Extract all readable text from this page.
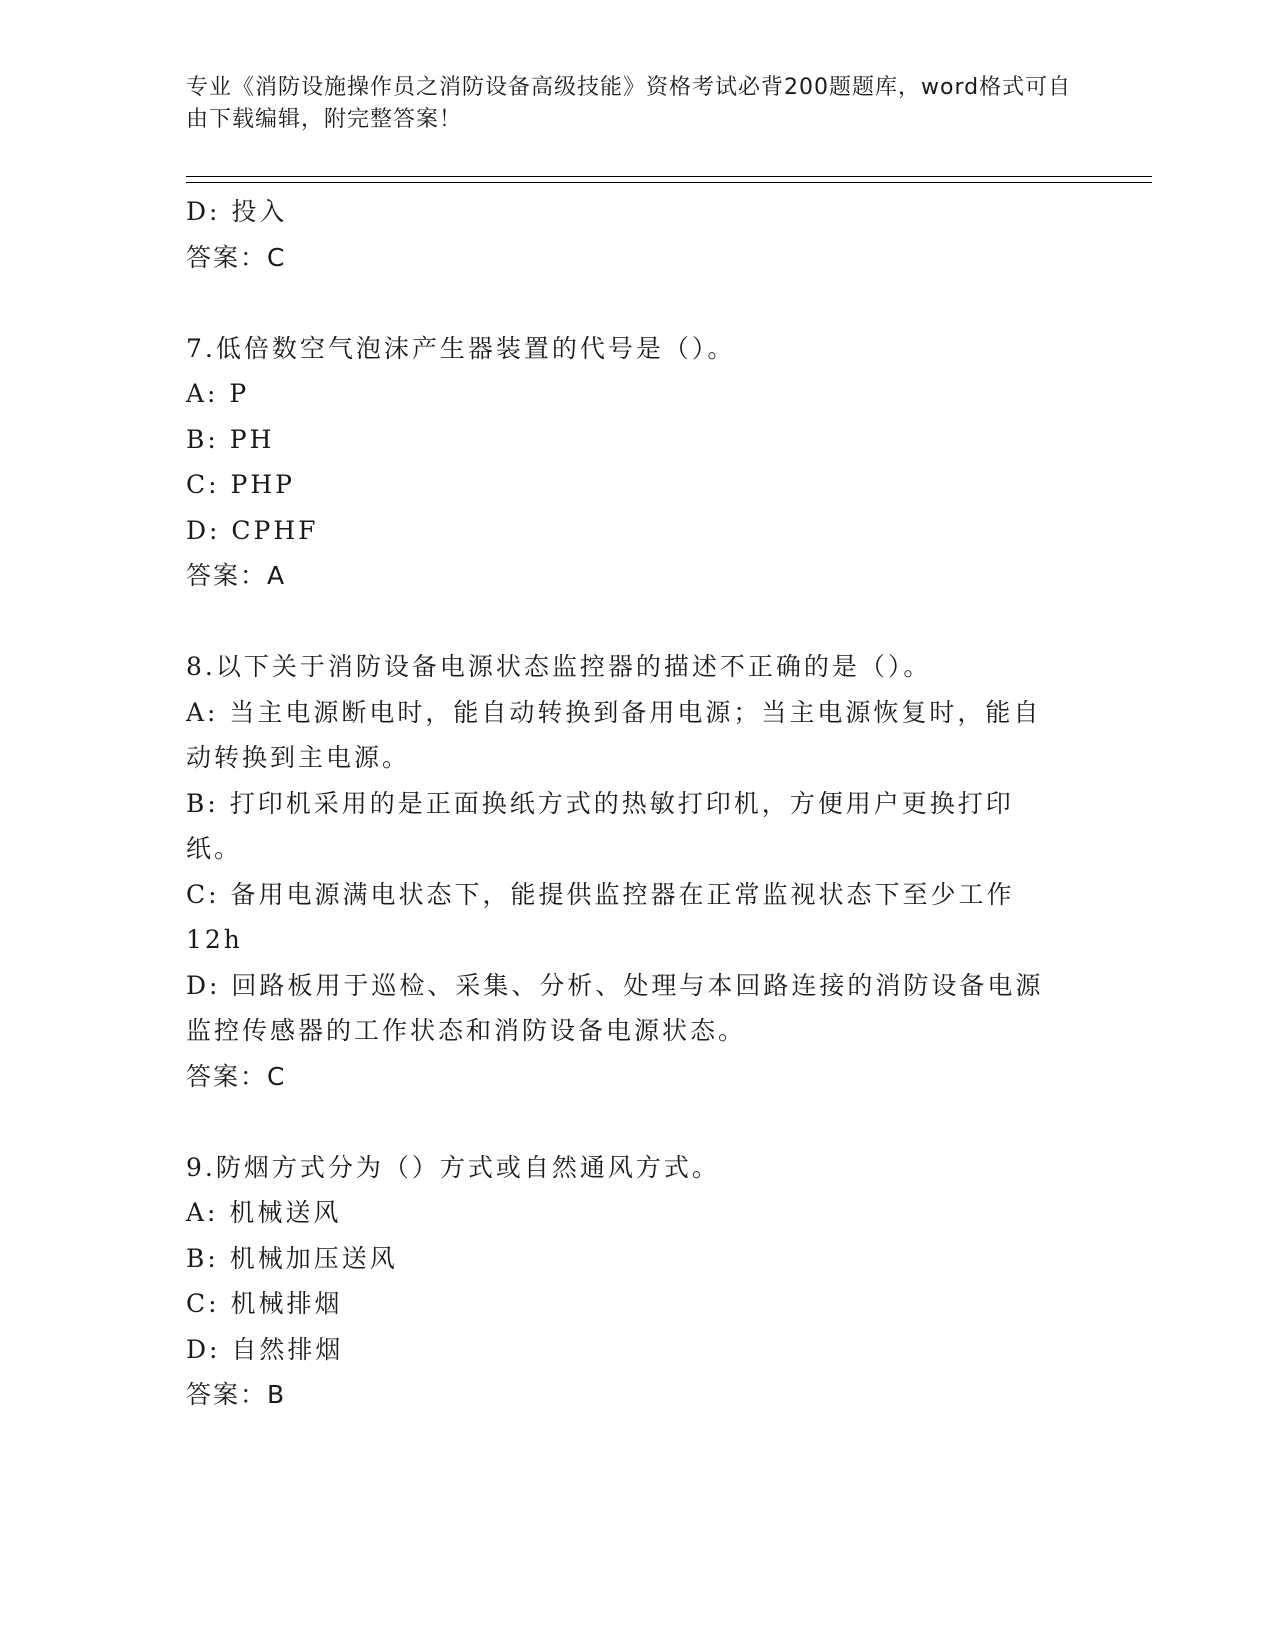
专业《消防设施操作员之消防设备高级技能》资格考试必背200题题库，word格式可自由下载编辑，附完整答案！
D: 投入
答案：C
7.低倍数空气泡沫产生器装置的代号是（）。
A: P
B: PH
C: PHP
D: CPHF
答案：A
8.以下关于消防设备电源状态监控器的描述不正确的是（）。
A: 当主电源断电时，能自动转换到备用电源；当主电源恢复时，能自动转换到主电源。
B: 打印机采用的是正面换纸方式的热敏打印机，方便用户更换打印纸。
C: 备用电源满电状态下，能提供监控器在正常监视状态下至少工作12h
D: 回路板用于巡检、采集、分析、处理与本回路连接的消防设备电源监控传感器的工作状态和消防设备电源状态。
答案：C
9.防烟方式分为（）方式或自然通风方式。
A: 机械送风
B: 机械加压送风
C: 机械排烟
D: 自然排烟
答案：B
